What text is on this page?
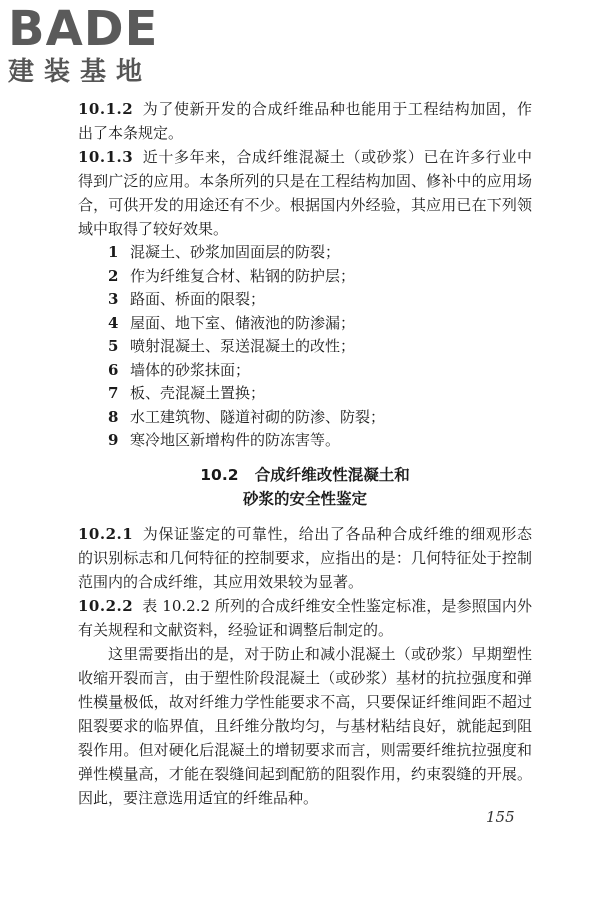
BADE
建装基地

10.1.2 为了使新开发的合成纤维品种也能用于工程结构加固，作出了本条规定。

10.1.3 近十多年来，合成纤维混凝土（或砂浆）已在许多行业中得到广泛的应用。本条所列的只是在工程结构加固、修补中的应用场合，可供开发的用途还有不少。根据国内外经验，其应用已在下列领域中取得了较好效果。

1 混凝土、砂浆加固面层的防裂；
2 作为纤维复合材、粘钢的防护层；
3 路面、桥面的限裂；
4 屋面、地下室、储液池的防渗漏；
5 喷射混凝土、泵送混凝土的改性；
6 墙体的砂浆抹面；
7 板、壳混凝土置换；
8 水工建筑物、隧道衬砌的防渗、防裂；
9 寒冷地区新增构件的防冻害等。
10.2 合成纤维改性混凝土和
砂浆的安全性鉴定

10.2.1 为保证鉴定的可靠性，给出了各品种合成纤维的细观形态的识别标志和几何特征的控制要求，应指出的是：几何特征处于控制范围内的合成纤维，其应用效果较为显著。

10.2.2 表 10.2.2 所列的合成纤维安全性鉴定标准，是参照国内外有关规程和文献资料，经验证和调整后制定的。

这里需要指出的是，对于防止和减小混凝土（或砂浆）早期塑性收缩开裂而言，由于塑性阶段混凝土（或砂浆）基材的抗拉强度和弹性模量极低，故对纤维力学性能要求不高，只要保证纤维间距不超过阻裂要求的临界值，且纤维分散均匀，与基材粘结良好，就能起到阻裂作用。但对硬化后混凝土的增韧要求而言，则需要纤维抗拉强度和弹性模量高，才能在裂缝间起到配筋的阻裂作用，约束裂缝的开展。因此，要注意选用适宜的纤维品种。

155
